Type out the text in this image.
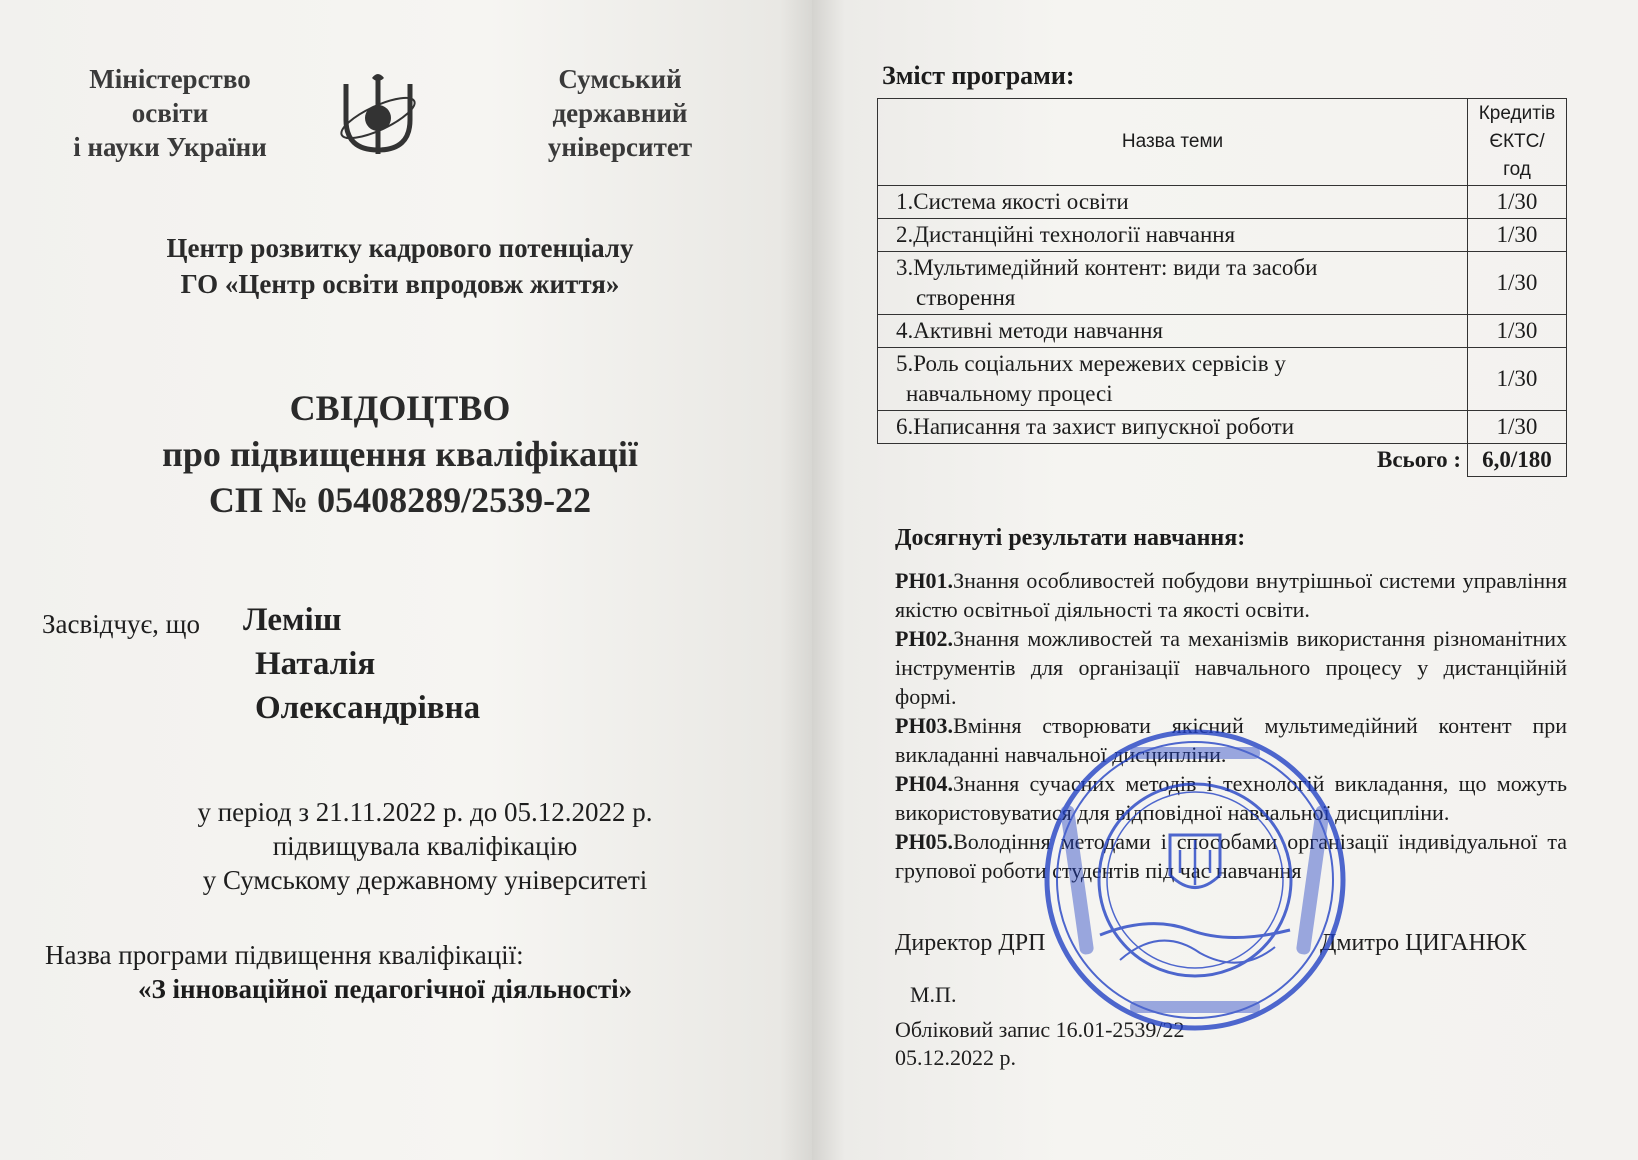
Міністерство
освіти
і науки України
Сумський
державний
університет
Центр розвитку кадрового потенціалу
ГО «Центр освіти впродовж життя»
СВІДОЦТВО
про підвищення кваліфікації
СП № 05408289/2539-22
Засвідчує, що Леміш
Наталія
Олександрівна
у період з 21.11.2022 р. до 05.12.2022 р.
підвищувала кваліфікацію
у Сумському державному університеті
Назва програми підвищення кваліфікації:
«З інноваційної педагогічної діяльності»
Зміст програми:
Назва теми	Кредитів
ЄКТС/
год

1.Система якості освіти	1/30
2.Дистанційні технології навчання	1/30
3.Мультимедійний контент: види та засоби
створення	1/30
4.Активні методи навчання	1/30
5.Роль соціальних мережевих сервісів у
навчальному процесі	1/30
6.Написання та захист випускної роботи	1/30
Всього :	6,0/180
Досягнуті результати навчання:
РН01.Знання особливостей побудови внутрішньої системи управління якістю освітньої діяльності та якості освіти.
РН02.Знання можливостей та механізмів використання різноманітних інструментів для організації навчального процесу у дистанційній формі.
РН03.Вміння створювати якісний мультимедійний контент при викладанні навчальної дисципліни.
РН04.Знання сучасних методів і технологій викладання, що можуть використовуватися для відповідної навчальної дисципліни.
РН05.Володіння методами і способами організації індивідуальної та групової роботи студентів під час навчання
Директор ДРП	Дмитро ЦИГАНЮК
М.П.
Обліковий запис 16.01-2539/22
05.12.2022 р.
